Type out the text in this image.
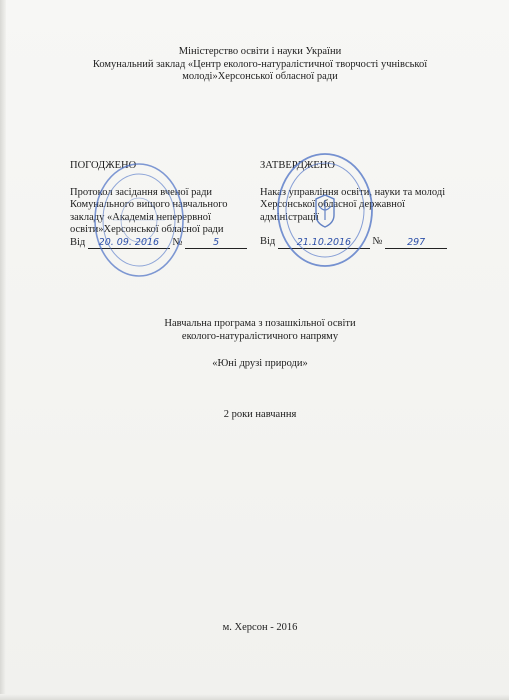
Міністерство освіти і науки України
Комунальний заклад «Центр еколого-натуралістичної творчості учнівської
молоді»Херсонської обласної ради
ПОГОДЖЕНО
Протокол засідання вченої ради
Комунального вищого навчального
закладу «Академія неперервної
освіти»Херсонської обласної ради
Від 20. 09. 2016 №	5
ЗАТВЕРДЖЕНО
Наказ управління освіти, науки та молоді
Херсонської обласної державної
адміністрації
Від 21.10.2016 №	297
Навчальна програма з позашкільної освіти
еколого-натуралістичного напряму
«Юні друзі природи»
2 роки навчання
м. Херсон - 2016
